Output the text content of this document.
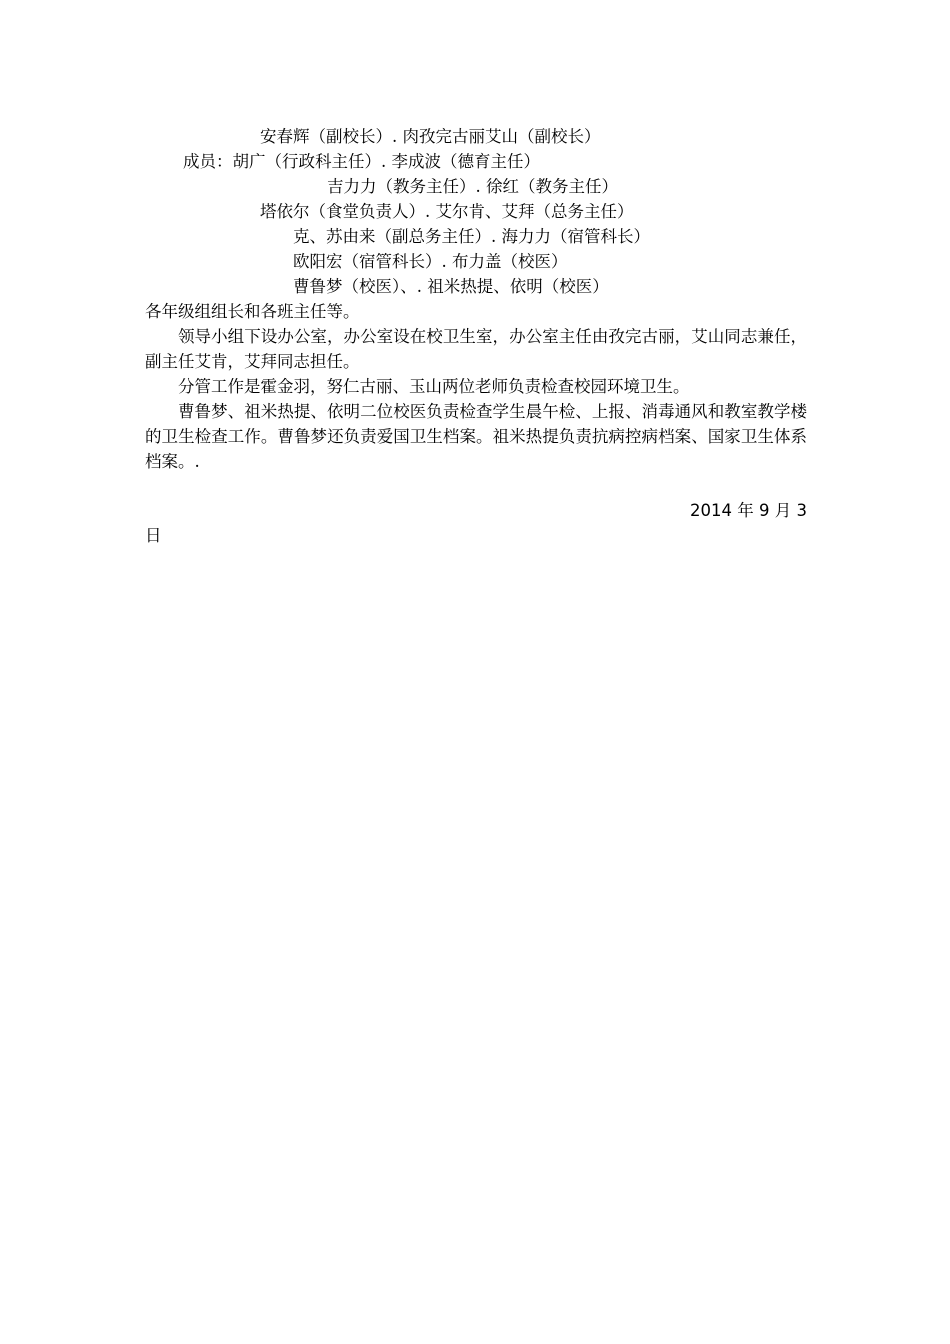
安春辉（副校长）. 肉孜完古丽艾山（副校长）
成员：胡广（行政科主任）. 李成波（德育主任）
吉力力（教务主任）. 徐红（教务主任）
塔依尔（食堂负责人）. 艾尔肯、艾拜（总务主任）
克、苏由来（副总务主任）. 海力力（宿管科长）
欧阳宏（宿管科长）. 布力盖（校医）
曹鲁梦（校医）、. 祖米热提、依明（校医）
各年级组组长和各班主任等。
领导小组下设办公室，办公室设在校卫生室，办公室主任由孜完古丽，艾山同志兼任，副主任艾肯，艾拜同志担任。
分管工作是霍金羽，努仁古丽、玉山两位老师负责检查校园环境卫生。
曹鲁梦、祖米热提、依明二位校医负责检查学生晨午检、上报、消毒通风和教室教学楼的卫生检查工作。曹鲁梦还负责爱国卫生档案。祖米热提负责抗病控病档案、国家卫生体系档案。.
2014 年 9 月 3
日
